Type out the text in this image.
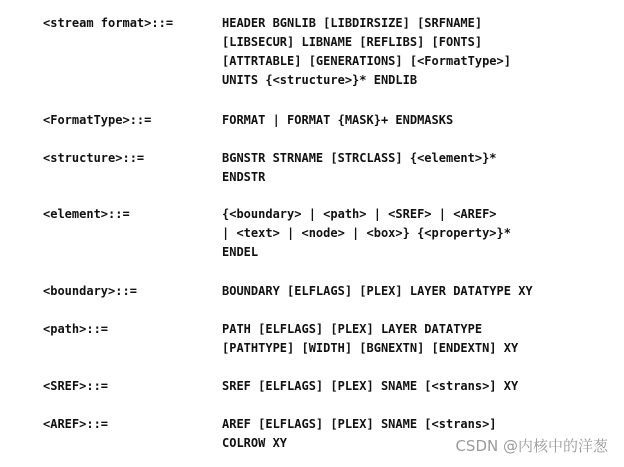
<stream format>::=	HEADER BGNLIB [LIBDIRSIZE] [SRFNAME]
[LIBSECUR] LIBNAME [REFLIBS] [FONTS]
[ATTRTABLE] [GENERATIONS] [<FormatType>]
UNITS {<structure>}* ENDLIB
<FormatType>::=	FORMAT | FORMAT {MASK}+ ENDMASKS
<structure>::=	BGNSTR STRNAME [STRCLASS] {<element>}*
ENDSTR
<element>::=	{<boundary> | <path> | <SREF> | <AREF>
| <text> | <node> | <box>} {<property>}*
ENDEL
<boundary>::=	BOUNDARY [ELFLAGS] [PLEX] LAYER DATATYPE XY
<path>::=	PATH [ELFLAGS] [PLEX] LAYER DATATYPE
[PATHTYPE] [WIDTH] [BGNEXTN] [ENDEXTN] XY
<SREF>::=	SREF [ELFLAGS] [PLEX] SNAME [<strans>] XY
<AREF>::=	AREF [ELFLAGS] [PLEX] SNAME [<strans>]
COLROW XY	CSDN @内核中的洋葱
